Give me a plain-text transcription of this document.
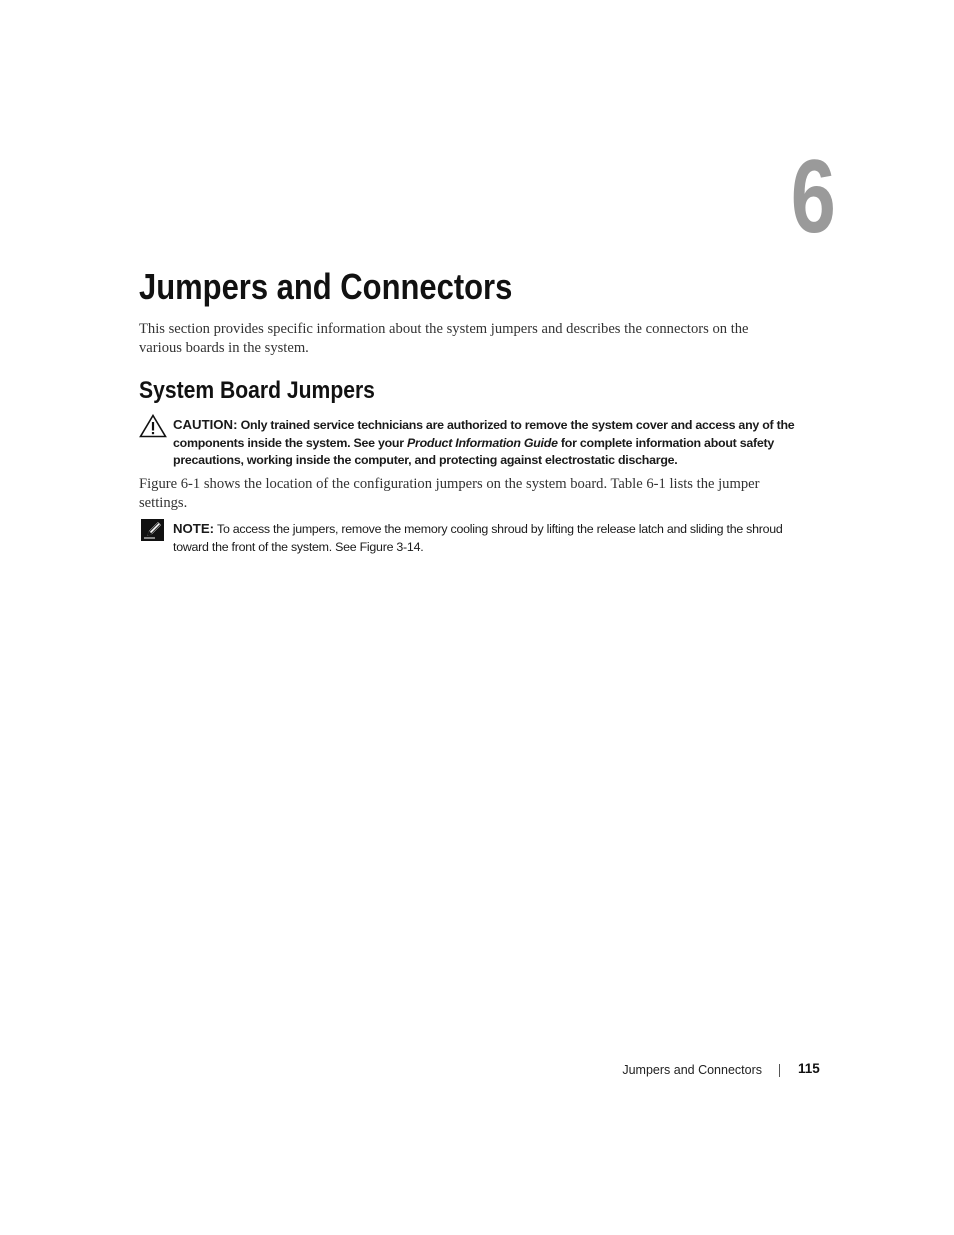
6
Jumpers and Connectors

This section provides specific information about the system jumpers and describes the connectors on the various boards in the system.

System Board Jumpers
CAUTION: Only trained service technicians are authorized to remove the system cover and access any of the components inside the system. See your Product Information Guide for complete information about safety precautions, working inside the computer, and protecting against electrostatic discharge.

Figure 6-1 shows the location of the configuration jumpers on the system board. Table 6-1 lists the jumper settings.

NOTE: To access the jumpers, remove the memory cooling shroud by lifting the release latch and sliding the shroud toward the front of the system. See Figure 3-14.
Jumpers and Connectors	115
